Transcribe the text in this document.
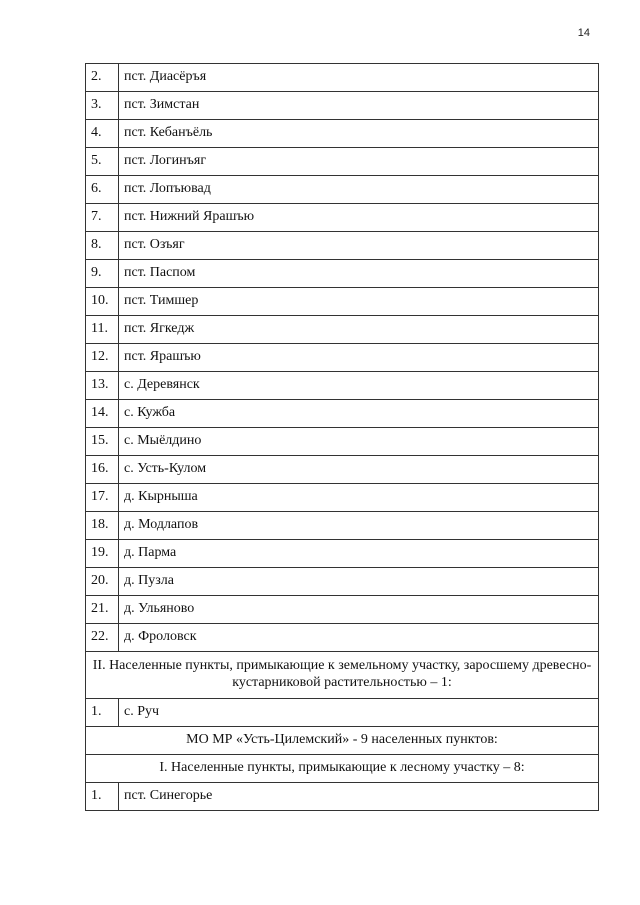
14
2.	пст. Диасёръя
3.	пст. Зимстан
4.	пст. Кебанъёль
5.	пст. Логинъяг
6.	пст. Лопъювад
7.	пст. Нижний Ярашъю
8.	пст. Озъяг
9.	пст. Паспом
10.	пст. Тимшер
11.	пст. Ягкедж
12.	пст. Ярашъю
13.	с. Деревянск
14.	с. Кужба
15.	с. Мыёлдино
16.	с. Усть-Кулом
17.	д. Кырныша
18.	д. Модлапов
19.	д. Парма
20.	д. Пузла
21.	д. Ульяново
22.	д. Фроловск
II. Населенные пункты, примыкающие к земельному участку, заросшему древесно-кустарниковой растительностью – 1:	
1.	с. Руч
МО МР «Усть-Цилемский» - 9 населенных пунктов:	
I. Населенные пункты, примыкающие к лесному участку – 8:	
1.	пст. Синегорье
